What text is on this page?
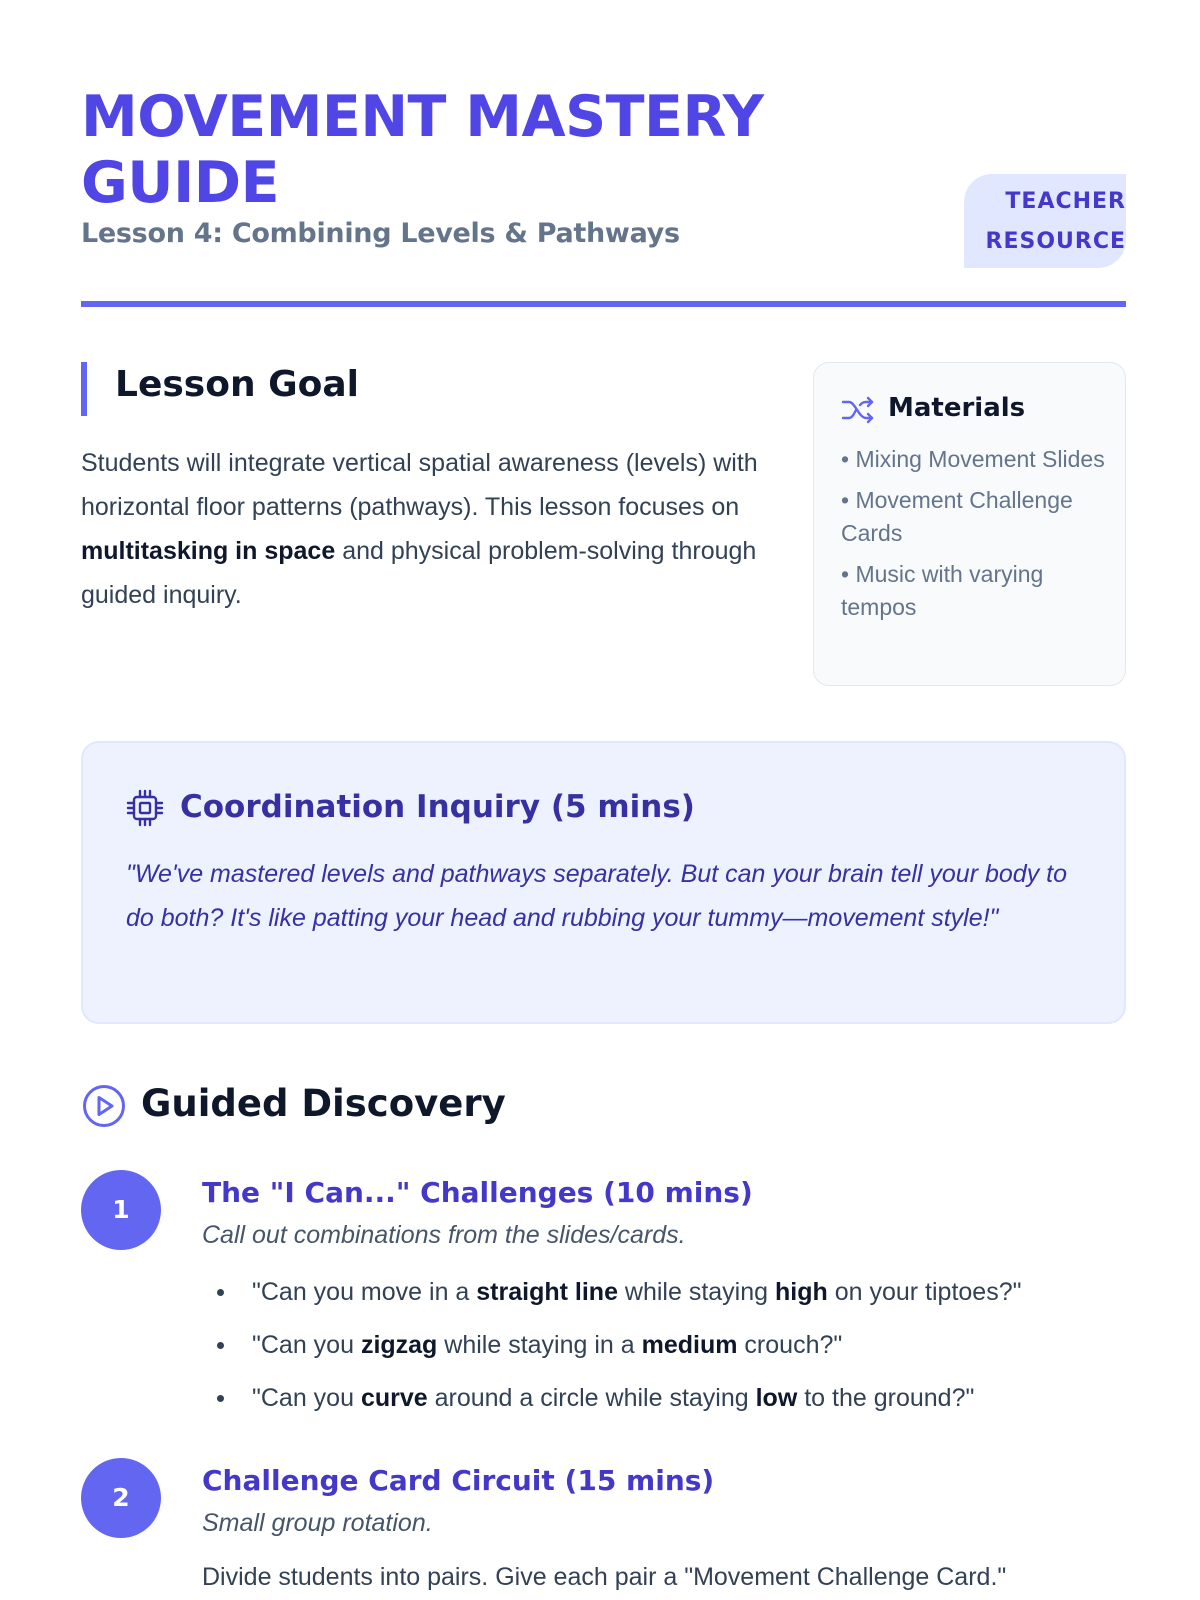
MOVEMENT MASTERY GUIDE
Lesson 4: Combining Levels & Pathways
TEACHER RESOURCE
Lesson Goal

Students will integrate vertical spatial awareness (levels) with horizontal floor patterns (pathways). This lesson focuses on multitasking in space and physical problem-solving through guided inquiry.

Materials
• Mixing Movement Slides
• Movement Challenge Cards
• Music with varying tempos
Coordination Inquiry (5 mins)

"We've mastered levels and pathways separately. But can your brain tell your body to do both? It's like patting your head and rubbing your tummy—movement style!"

Guided Discovery
1
The "I Can..." Challenges (10 mins)

Call out combinations from the slides/cards.

"Can you move in a straight line while staying high on your tiptoes?"
"Can you zigzag while staying in a medium crouch?"
"Can you curve around a circle while staying low to the ground?"
2
Challenge Card Circuit (15 mins)

Small group rotation.

Divide students into pairs. Give each pair a "Movement Challenge Card."
